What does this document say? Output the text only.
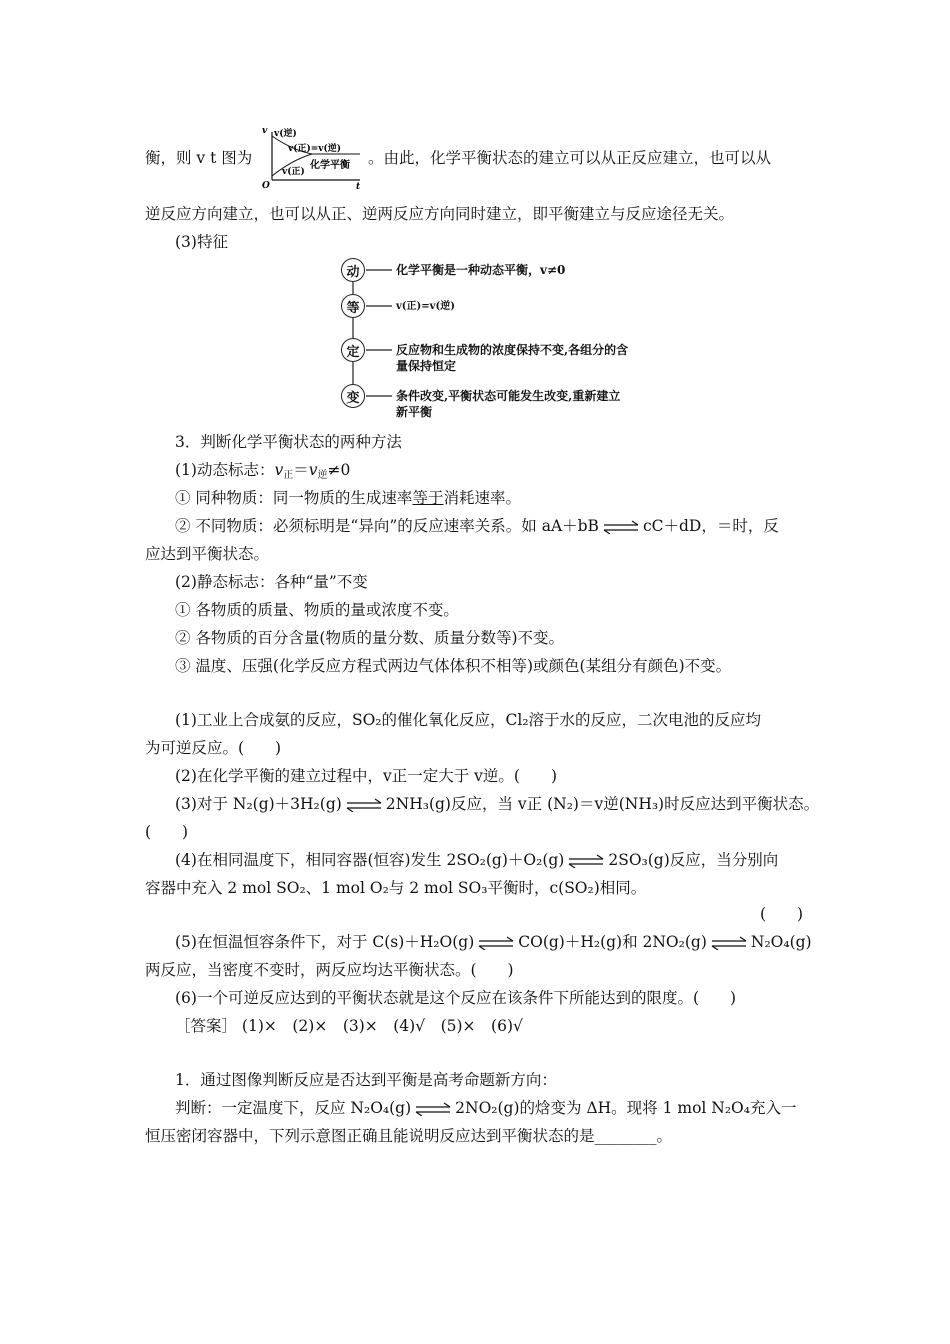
衡，则 v t 图为
v v(逆)
v(正)=v(逆)
v(正)
化学平衡
O	t
。由此，化学平衡状态的建立可以从正反应建立，也可以从
逆反应方向建立，也可以从正、逆两反应方向同时建立，即平衡建立与反应途径无关。
(3)特征
动
等
定
变
化学平衡是一种动态平衡，v≠0
v(正)=v(逆)
反应物和生成物的浓度保持不变,各组分的含
量保持恒定
条件改变,平衡状态可能发生改变,重新建立
新平衡
3．判断化学平衡状态的两种方法
(1)动态标志：$v_正=v_逆\ne 0$
① 同种物质：同一物质的生成速率等于消耗速率。
② 不同物质：必须标明是“异向”的反应速率关系。如 aA＋bB	cC＋dD，＝时，反
应达到平衡状态。
(2)静态标志：各种“量”不变
① 各物质的质量、物质的量或浓度不变。
② 各物质的百分含量(物质的量分数、质量分数等)不变。
③ 温度、压强(化学反应方程式两边气体体积不相等)或颜色(某组分有颜色)不变。
(1)工业上合成氨的反应，SO₂的催化氧化反应，Cl₂溶于水的反应，二次电池的反应均
为可逆反应。(　　)
(2)在化学平衡的建立过程中，v正一定大于 v逆。(　　)
(3)对于 N₂(g)＋3H₂(g)	2NH₃(g)反应，当 v正 (N₂)＝v逆(NH₃)时反应达到平衡状态。
(　　)
(4)在相同温度下，相同容器(恒容)发生 2SO₂(g)＋O₂(g)	2SO₃(g)反应，当分别向
容器中充入 2 mol SO₂、1 mol O₂与 2 mol SO₃平衡时，c(SO₂)相同。
(　　)
(5)在恒温恒容条件下，对于 C(s)＋H₂O(g)	CO(g)＋H₂(g)和 2NO₂(g)	N₂O₄(g)
两反应，当密度不变时，两反应均达平衡状态。(　　)
(6)一个可逆反应达到的平衡状态就是这个反应在该条件下所能达到的限度。(　　)
［答案］ (1)×　(2)×　(3)×　(4)√　(5)×　(6)√
1．通过图像判断反应是否达到平衡是高考命题新方向：
判断：一定温度下，反应 N₂O₄(g)	2NO₂(g)的焓变为 ΔH。现将 1 mol N₂O₄充入一
恒压密闭容器中，下列示意图正确且能说明反应达到平衡状态的是________。
